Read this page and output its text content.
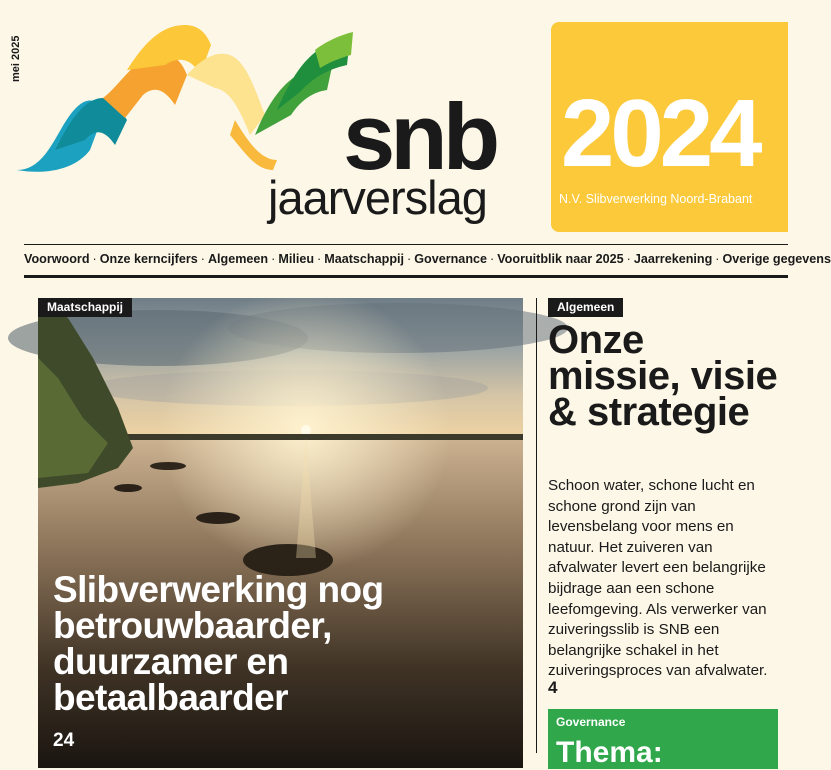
mei 2025
snb
jaarverslag
2024
N.V. Slibverwerking Noord-Brabant
Voorwoord · Onze kerncijfers · Algemeen · Milieu · Maatschappij · Governance · Vooruitblik naar 2025 · Jaarrekening · Overige gegevens
Maatschappij
Slibverwerking nog betrouwbaarder, duurzamer en betaalbaarder
24
Algemeen
Onze missie, visie & strategie
Schoon water, schone lucht en schone grond zijn van levensbelang voor mens en natuur. Het zuiveren van afvalwater levert een belangrijke bijdrage aan een schone leefomgeving. Als verwerker van zuiveringsslib is SNB een belangrijke schakel in het zuiveringsproces van afvalwater.
4
Governance
Thema:
